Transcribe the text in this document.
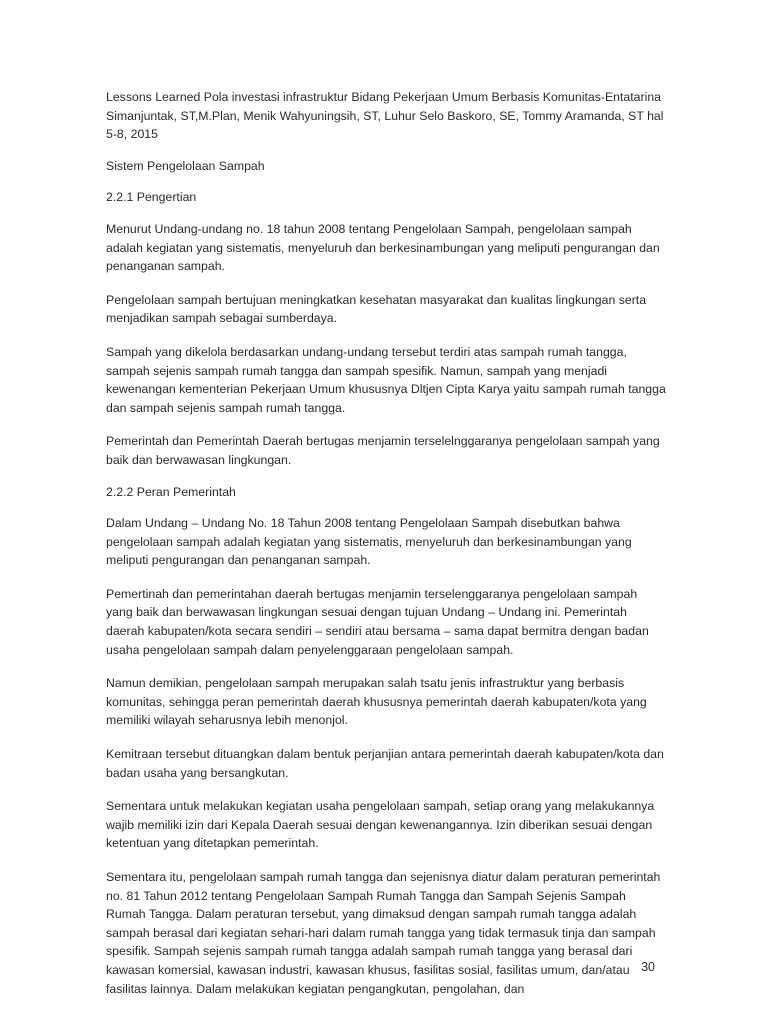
Lessons Learned Pola investasi infrastruktur Bidang Pekerjaan Umum Berbasis Komunitas-Entatarina Simanjuntak, ST,M.Plan, Menik Wahyuningsih, ST, Luhur Selo Baskoro, SE, Tommy Aramanda, ST hal 5-8, 2015

Sistem Pengelolaan Sampah

2.2.1 Pengertian

Menurut Undang-undang no. 18 tahun 2008 tentang Pengelolaan Sampah, pengelolaan sampah adalah kegiatan yang sistematis, menyeluruh dan berkesinambungan yang meliputi pengurangan dan penanganan sampah.

Pengelolaan sampah bertujuan meningkatkan kesehatan masyarakat dan kualitas lingkungan serta menjadikan sampah sebagai sumberdaya.

Sampah yang dikelola berdasarkan undang-undang tersebut terdiri atas sampah rumah tangga, sampah sejenis sampah rumah tangga dan sampah spesifik. Namun, sampah yang menjadi kewenangan kementerian Pekerjaan Umum khususnya Dltjen Cipta Karya yaitu sampah rumah tangga dan sampah sejenis sampah rumah tangga.

Pemerintah dan Pemerintah Daerah bertugas menjamin terselelnggaranya pengelolaan sampah yang baik dan berwawasan lingkungan.

2.2.2 Peran Pemerintah

Dalam Undang – Undang No. 18 Tahun 2008 tentang Pengelolaan Sampah disebutkan bahwa pengelolaan sampah adalah kegiatan yang sistematis, menyeluruh dan berkesinambungan yang meliputi pengurangan dan penanganan sampah.

Pemertinah dan pemerintahan daerah bertugas menjamin terselenggaranya pengelolaan sampah yang baik dan berwawasan lingkungan sesuai dengan tujuan Undang – Undang ini. Pemerintah daerah kabupaten/kota secara sendiri – sendiri atau bersama – sama dapat bermitra dengan badan usaha pengelolaan sampah dalam penyelenggaraan pengelolaan sampah.

Namun demikian, pengelolaan sampah merupakan salah tsatu jenis infrastruktur yang berbasis komunitas, sehingga peran pemerintah daerah khususnya pemerintah daerah kabupaten/kota yang memiliki wilayah seharusnya lebih menonjol.

Kemitraan tersebut dituangkan dalam bentuk perjanjian antara pemerintah daerah kabupaten/kota dan badan usaha yang bersangkutan.

Sementara untuk melakukan kegiatan usaha pengelolaan sampah, setiap orang yang melakukannya wajib memiliki izin dari Kepala Daerah sesuai dengan kewenangannya. Izin diberikan sesuai dengan ketentuan yang ditetapkan pemerintah.

Sementara itu, pengelolaan sampah rumah tangga dan sejenisnya diatur dalam peraturan pemerintah no. 81 Tahun 2012 tentang Pengelolaan Sampah Rumah Tangga dan Sampah Sejenis Sampah Rumah Tangga. Dalam peraturan tersebut, yang dimaksud dengan sampah rumah tangga adalah sampah berasal dari kegiatan sehari-hari dalam rumah tangga yang tidak termasuk tinja dan sampah spesifik. Sampah sejenis sampah rumah tangga adalah sampah rumah tangga yang berasal dari kawasan komersial, kawasan industri, kawasan khusus, fasilitas sosial, fasilitas umum, dan/atau fasilitas lainnya. Dalam melakukan kegiatan pengangkutan, pengolahan, dan

30
